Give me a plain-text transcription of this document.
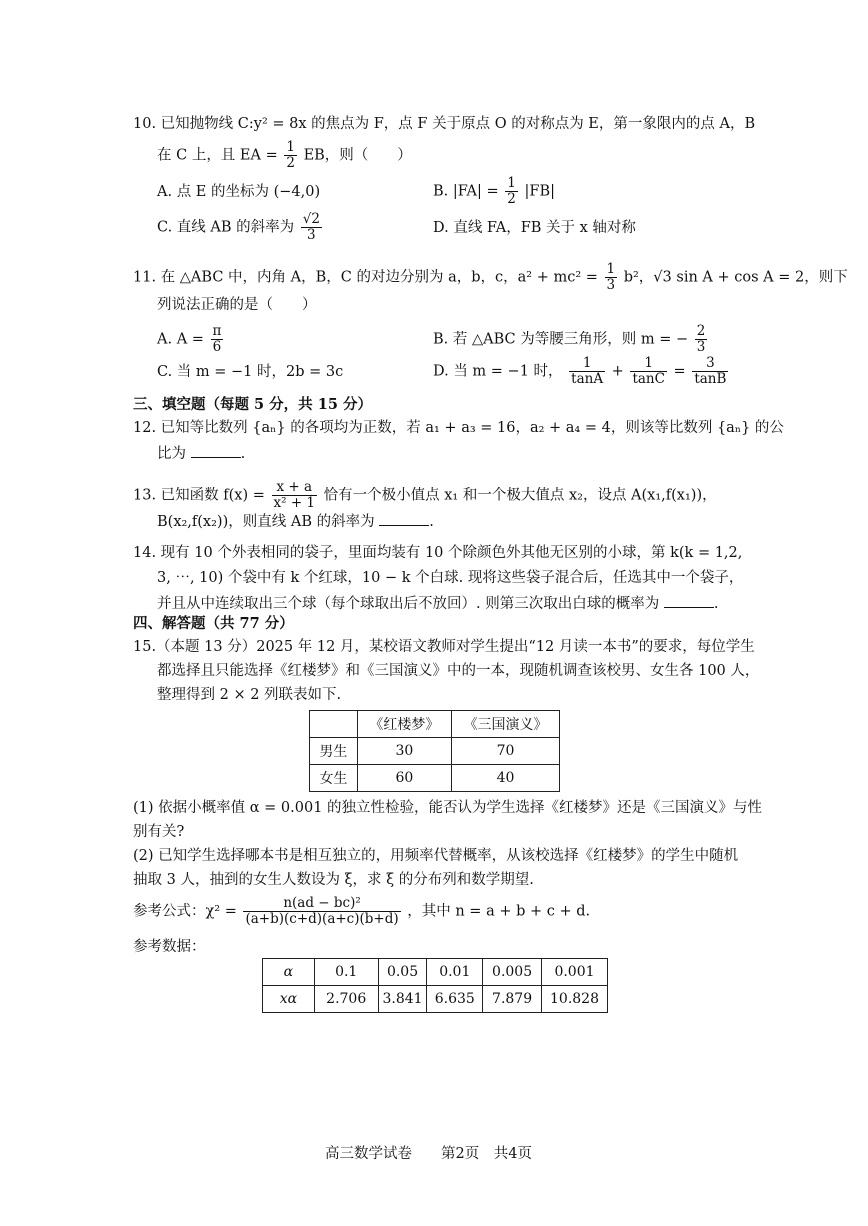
10. 已知抛物线 C:y² = 8x 的焦点为 F，点 F 关于原点 O 的对称点为 E，第一象限内的点 A，B
在 C 上，且 EA = $\frac{1}{2}$ EB，则（　　）
A. 点 E 的坐标为 (−4,0)	B. $|FA| = \frac{1}{2} |FB|$
C. 直线 AB 的斜率为 $\frac{√2}{3}$	D. 直线 FA，FB 关于 x 轴对称
11. 在 △ABC 中，内角 A，B，C 的对边分别为 a，b，c，$a^2 + mc^2 = \frac{1}{3} b^2$，√3 sin A + cos A = 2，则下
列说法正确的是（　　）
A. $A = \frac{\pi}{6}$	B. 若 △ABC 为等腰三角形，则 m = − $\frac{2}{3}$
C. 当 m = −1 时，2b = 3c	D. 当 m = −1 时， $\frac{1}{\tan A} + \frac{1}{\tan C} = \frac{3}{\tan B}$
三、填空题（每题 5 分，共 15 分）
12. 已知等比数列 {aₙ} 的各项均为正数，若 a₁ + a₃ = 16，a₂ + a₄ = 4，则该等比数列 {aₙ} 的公
比为	.
13. 已知函数 $f(x) = \frac{x + a}{\text{x² + 1}}$ 恰有一个极小值点 x₁ 和一个极大值点 x₂，设点 A(x₁,f(x₁))，
B(x₂,f(x₂))，则直线 AB 的斜率为	.
14. 现有 10 个外表相同的袋子，里面均装有 10 个除颜色外其他无区别的小球，第 k(k = 1,2,
3, ⋯, 10) 个袋中有 k 个红球，10 − k 个白球. 现将这些袋子混合后，任选其中一个袋子，
并且从中连续取出三个球（每个球取出后不放回）. 则第三次取出白球的概率为	.
四、解答题（共 77 分）
15.（本题 13 分）2025 年 12 月，某校语文教师对学生提出“12 月读一本书”的要求，每位学生
都选择且只能选择《红楼梦》和《三国演义》中的一本，现随机调查该校男、女生各 100 人，
整理得到 2 × 2 列联表如下.
	《红楼梦》	《三国演义》
男生	30	70
女生	60	40
(1) 依据小概率值 α = 0.001 的独立性检验，能否认为学生选择《红楼梦》还是《三国演义》与性
别有关?
(2) 已知学生选择哪本书是相互独立的，用频率代替概率，从该校选择《红楼梦》的学生中随机
抽取 3 人，抽到的女生人数设为 ξ，求 ξ 的分布列和数学期望.
参考公式：$\chi^2 = \frac{\text{n(ad − bc)²}}{(a+b)(c+d)(a+c)(b+d)}$ ，其中 n = a + b + c + d.
参考数据：
α	0.1	0.05	0.01	0.005	0.001
xα	2.706	3.841	6.635	7.879	10.828
高三数学试卷　　第2页　共4页
